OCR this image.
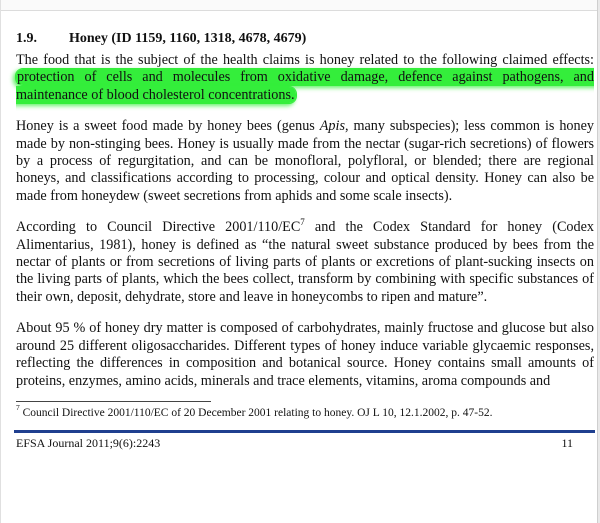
1.9. Honey (ID 1159, 1160, 1318, 4678, 4679)

The food that is the subject of the health claims is honey related to the following claimed effects: protection of cells and molecules from oxidative damage, defence against pathogens, and maintenance of blood cholesterol concentrations.

Honey is a sweet food made by honey bees (genus Apis, many subspecies); less common is honey made by non-stinging bees. Honey is usually made from the nectar (sugar-rich secretions) of flowers by a process of regurgitation, and can be monofloral, polyfloral, or blended; there are regional honeys, and classifications according to processing, colour and optical density. Honey can also be made from honeydew (sweet secretions from aphids and some scale insects).

According to Council Directive $2001/110/EC^7$ and the Codex Standard for honey (Codex Alimentarius, 1981), honey is defined as “the natural sweet substance produced by bees from the nectar of plants or from secretions of living parts of plants or excretions of plant-sucking insects on the living parts of plants, which the bees collect, transform by combining with specific substances of their own, deposit, dehydrate, store and leave in honeycombs to ripen and mature”.

About 95 % of honey dry matter is composed of carbohydrates, mainly fructose and glucose but also around 25 different oligosaccharides. Different types of honey induce variable glycaemic responses, reflecting the differences in composition and botanical source. Honey contains small amounts of proteins, enzymes, amino acids, minerals and trace elements, vitamins, aroma compounds and

$^7$ Council Directive 2001/110/EC of 20 December 2001 relating to honey. OJ L 10, 12.1.2002, p. 47-52.
EFSA Journal 2011;9(6):2243	11
